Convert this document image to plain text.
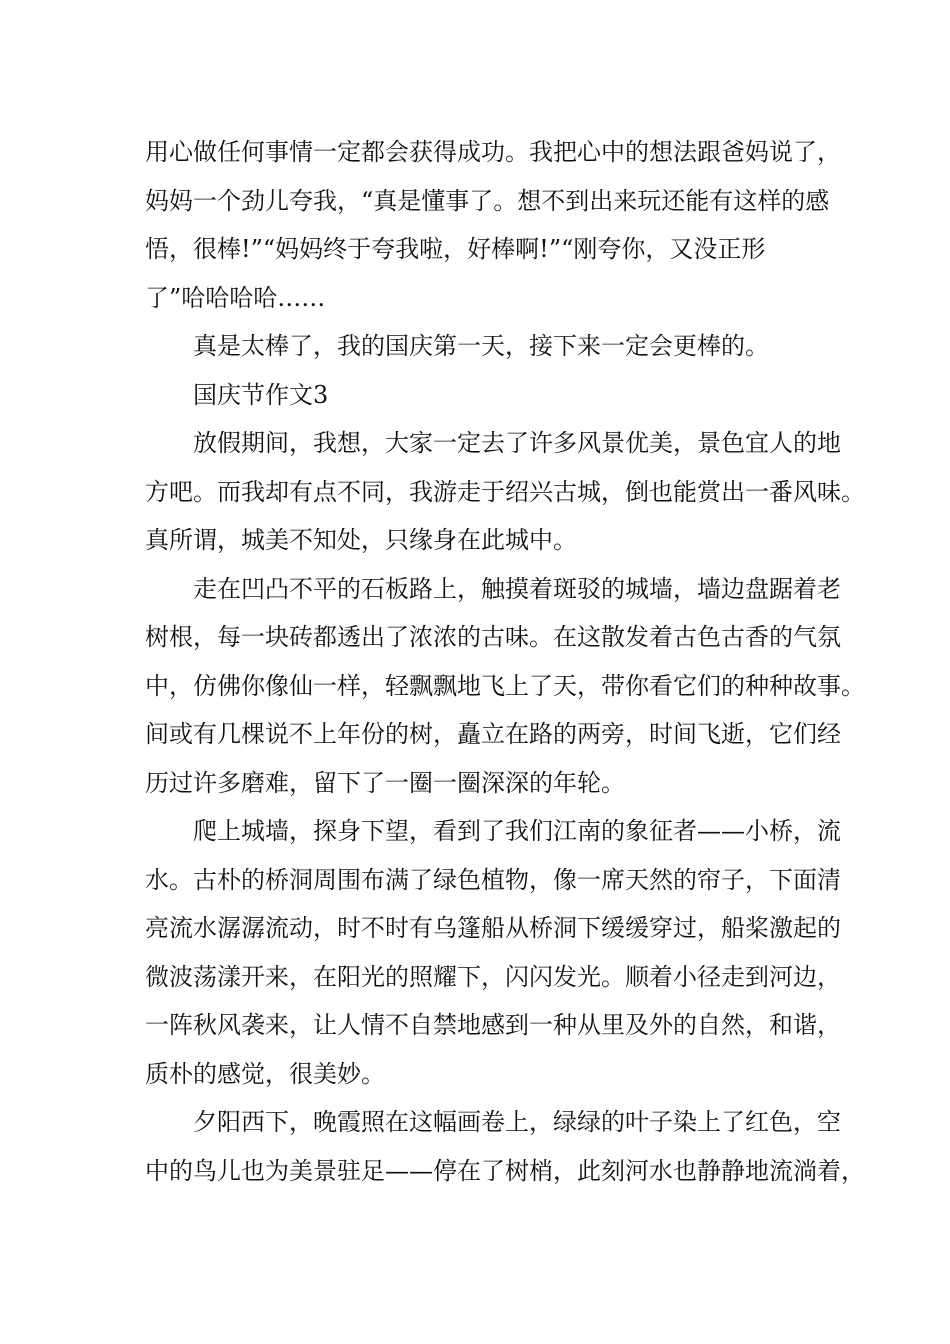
用心做任何事情一定都会获得成功。我把心中的想法跟爸妈说了，
妈妈一个劲儿夸我，“真是懂事了。想不到出来玩还能有这样的感
悟，很棒!”“妈妈终于夸我啦，好棒啊!”“刚夸你，又没正形
了”哈哈哈哈……
真是太棒了，我的国庆第一天，接下来一定会更棒的。
国庆节作文3
放假期间，我想，大家一定去了许多风景优美，景色宜人的地
方吧。而我却有点不同，我游走于绍兴古城，倒也能赏出一番风味。
真所谓，城美不知处，只缘身在此城中。
走在凹凸不平的石板路上，触摸着斑驳的城墙，墙边盘踞着老
树根，每一块砖都透出了浓浓的古味。在这散发着古色古香的气氛
中，仿佛你像仙一样，轻飘飘地飞上了天，带你看它们的种种故事。
间或有几棵说不上年份的树，矗立在路的两旁，时间飞逝，它们经
历过许多磨难，留下了一圈一圈深深的年轮。
爬上城墙，探身下望，看到了我们江南的象征者——小桥，流
水。古朴的桥洞周围布满了绿色植物，像一席天然的帘子，下面清
亮流水潺潺流动，时不时有乌篷船从桥洞下缓缓穿过，船桨激起的
微波荡漾开来，在阳光的照耀下，闪闪发光。顺着小径走到河边，
一阵秋风袭来，让人情不自禁地感到一种从里及外的自然，和谐，
质朴的感觉，很美妙。
夕阳西下，晚霞照在这幅画卷上，绿绿的叶子染上了红色，空
中的鸟儿也为美景驻足——停在了树梢，此刻河水也静静地流淌着，
